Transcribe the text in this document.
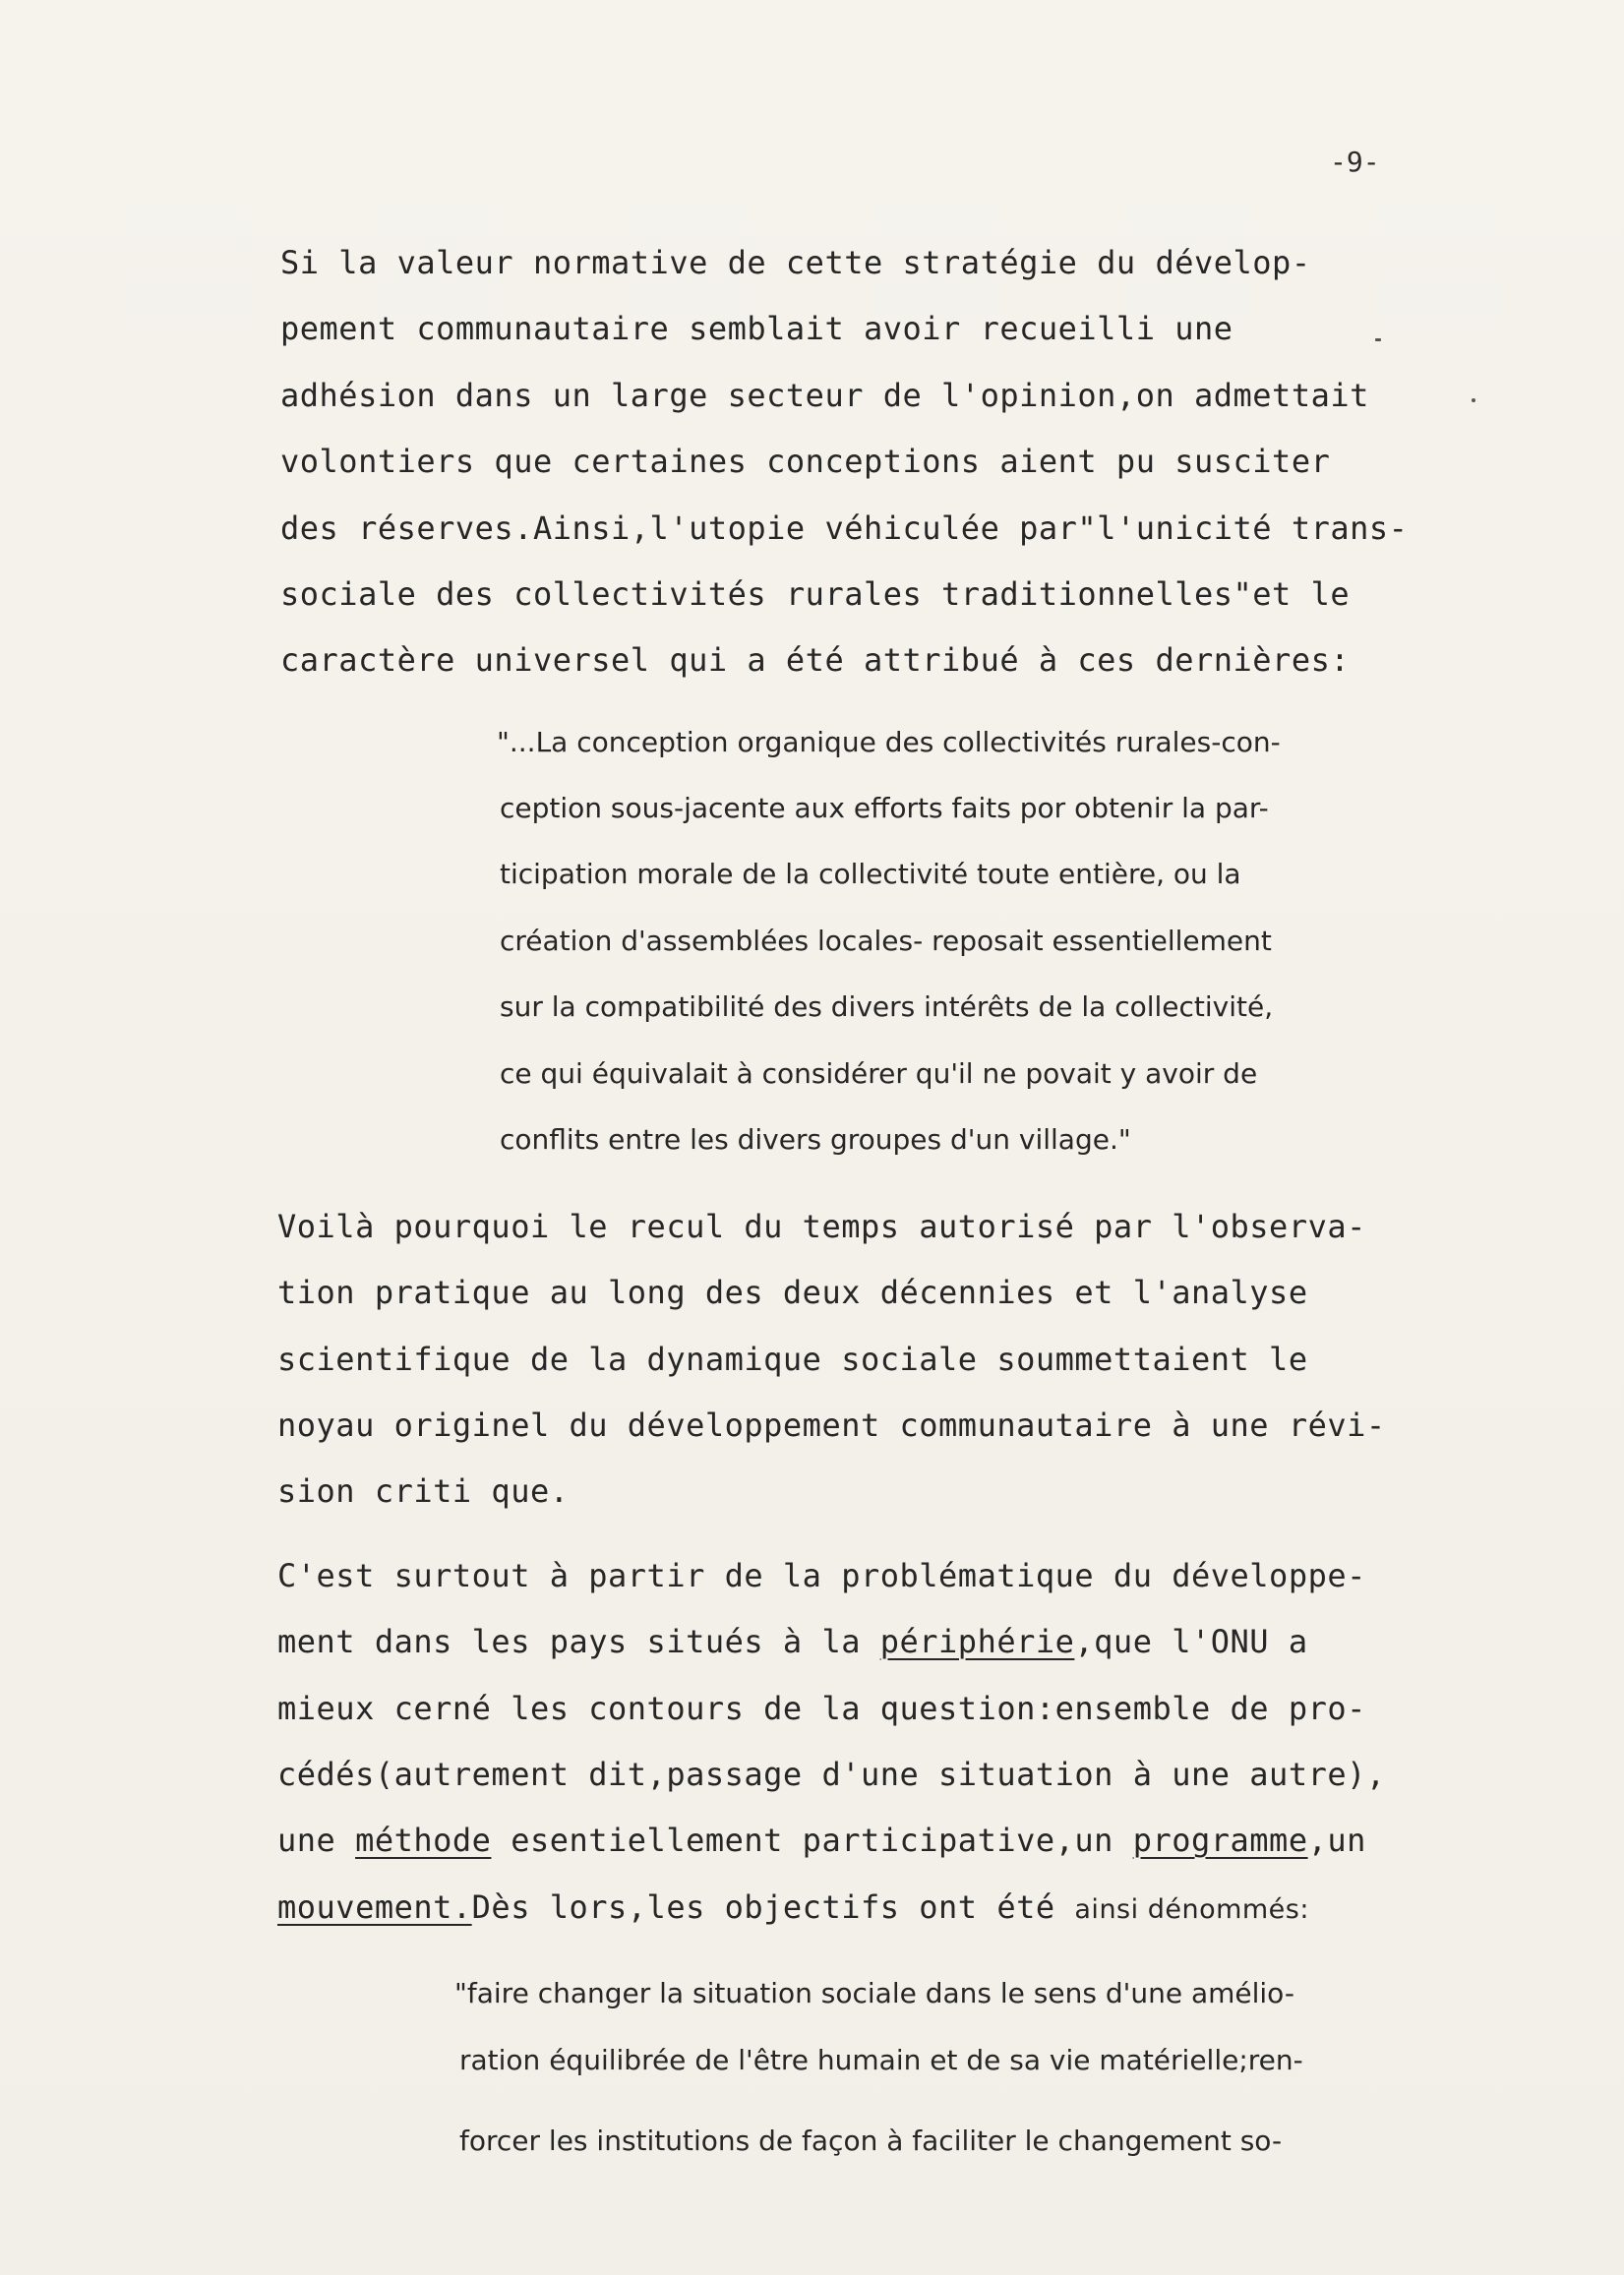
-9-
Si la valeur normative de cette stratégie du dévelop-
pement communautaire semblait avoir recueilli une
adhésion dans un large secteur de l'opinion,on admettait
volontiers que certaines conceptions aient pu susciter
des réserves.Ainsi,l'utopie véhiculée par"l'unicité trans-
sociale des collectivités rurales traditionnelles"et le
caractère universel qui a été attribué à ces dernières:
"...La conception organique des collectivités rurales-con-
ception sous-jacente aux efforts faits por obtenir la par-
ticipation morale de la collectivité toute entière, ou la
création d'assemblées locales- reposait essentiellement
sur la compatibilité des divers intérêts de la collectivité,
ce qui équivalait à considérer qu'il ne povait y avoir de
conflits entre les divers groupes d'un village."
Voilà pourquoi le recul du temps autorisé par l'observa-
tion pratique au long des deux décennies et l'analyse
scientifique de la dynamique sociale soummettaient le
noyau originel du développement communautaire à une révi-
sion criti que.
C'est surtout à partir de la problématique du développe-
ment dans les pays situés à la périphérie,que l'ONU a
mieux cerné les contours de la question:ensemble de pro-
cédés(autrement dit,passage d'une situation à une autre),
une méthode esentiellement participative,un programme,un
mouvement.Dès lors,les objectifs ont été ainsi dénommés:
"faire changer la situation sociale dans le sens d'une amélio-
ration équilibrée de l'être humain et de sa vie matérielle;ren-
forcer les institutions de façon à faciliter le changement so-
